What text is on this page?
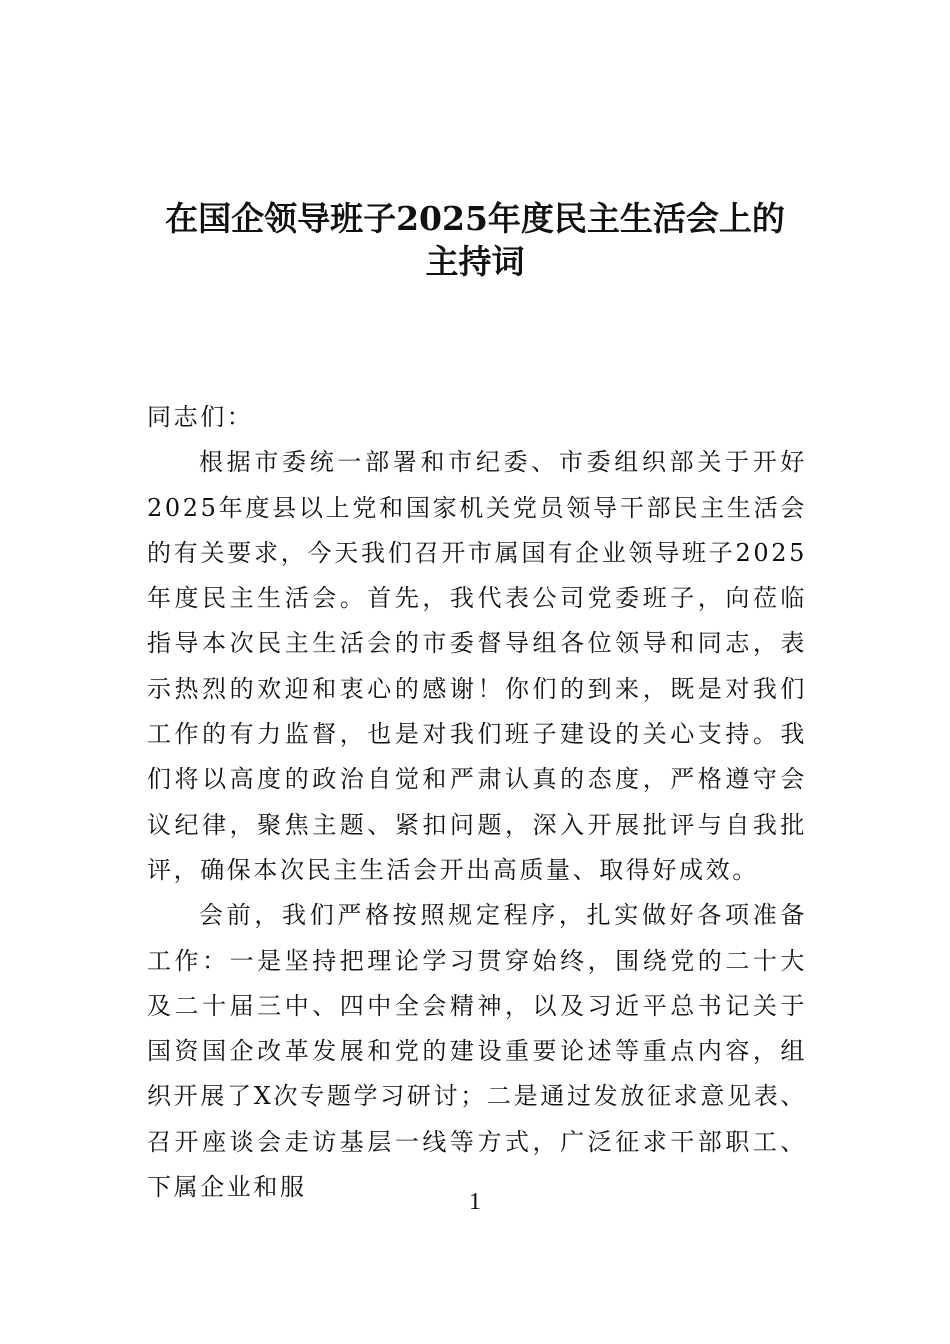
在国企领导班子2025年度民主生活会上的
主持词

同志们：

根据市委统一部署和市纪委、市委组织部关于开好2025年度县以上党和国家机关党员领导干部民主生活会的有关要求，今天我们召开市属国有企业领导班子2025年度民主生活会。首先，我代表公司党委班子，向莅临指导本次民主生活会的市委督导组各位领导和同志，表示热烈的欢迎和衷心的感谢！你们的到来，既是对我们工作的有力监督，也是对我们班子建设的关心支持。我们将以高度的政治自觉和严肃认真的态度，严格遵守会议纪律，聚焦主题、紧扣问题，深入开展批评与自我批评，确保本次民主生活会开出高质量、取得好成效。

会前，我们严格按照规定程序，扎实做好各项准备工作：一是坚持把理论学习贯穿始终，围绕党的二十大及二十届三中、四中全会精神，以及习近平总书记关于国资国企改革发展和党的建设重要论述等重点内容，组织开展了X次专题学习研讨；二是通过发放征求意见表、召开座谈会走访基层一线等方式，广泛征求干部职工、下属企业和服

1
